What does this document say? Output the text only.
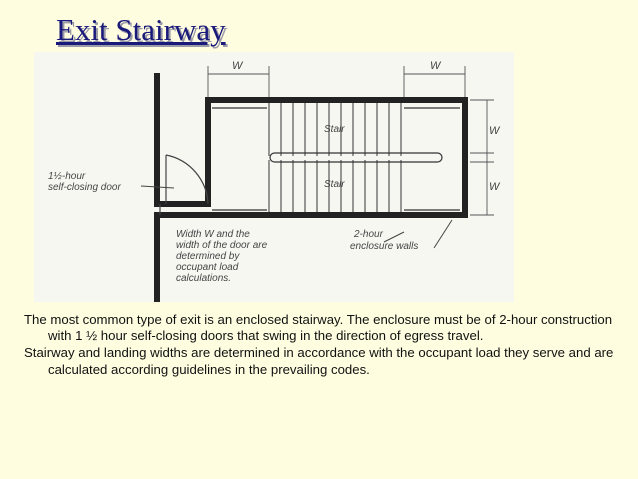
Exit Stairway
W	W
W
W
Stair
Stair
1½-hour
self-closing door
Width W and the
width of the door are
determined by
occupant load
calculations.
2-hour
enclosure walls

The most common type of exit is an enclosed stairway. The enclosure must be of 2-hour construction with 1 ½ hour self-closing doors that swing in the direction of egress travel.

Stairway and landing widths are determined in accordance with the occupant load they serve and are calculated according guidelines in the prevailing codes.
